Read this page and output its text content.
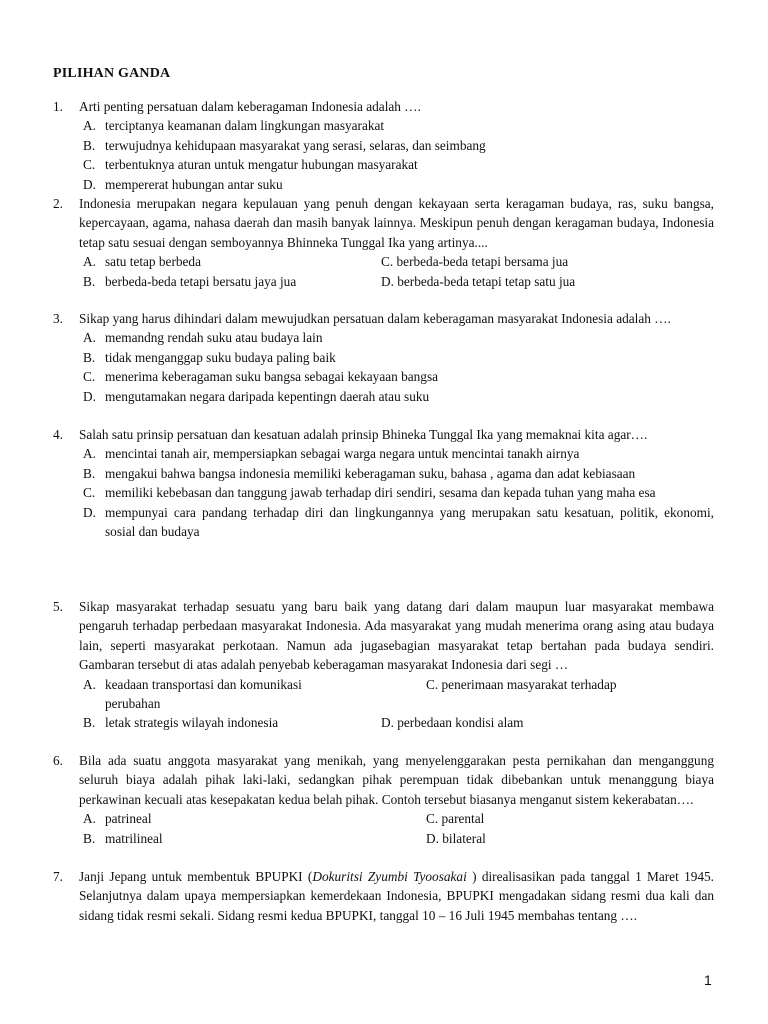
PILIHAN GANDA
1. Arti penting persatuan dalam keberagaman Indonesia adalah ….
A. terciptanya keamanan dalam lingkungan masyarakat
B. terwujudnya kehidupaan masyarakat yang serasi, selaras, dan seimbang
C. terbentuknya aturan untuk mengatur hubungan masyarakat
D. mempererat hubungan antar suku
2. Indonesia merupakan negara kepulauan yang penuh dengan kekayaan serta keragaman budaya, ras, suku bangsa, kepercayaan, agama, nahasa daerah dan masih banyak lainnya. Meskipun penuh dengan keragaman budaya, Indonesia tetap satu sesuai dengan semboyannya Bhinneka Tunggal Ika yang artinya....
A. satu tetap berbeda	C. berbeda-beda tetapi bersama jua
B. berbeda-beda tetapi bersatu jaya jua	D. berbeda-beda tetapi tetap satu jua
3. Sikap yang harus dihindari dalam mewujudkan persatuan dalam keberagaman masyarakat Indonesia adalah ….
A. memandng rendah suku atau budaya lain
B. tidak menganggap suku budaya paling baik
C. menerima keberagaman suku bangsa sebagai kekayaan bangsa
D. mengutamakan negara daripada kepentingn daerah atau suku
4. Salah satu prinsip persatuan dan kesatuan adalah prinsip Bhineka Tunggal Ika yang memaknai kita agar….
A. mencintai tanah air, mempersiapkan sebagai warga negara untuk mencintai tanakh airnya
B. mengakui bahwa bangsa indonesia memiliki keberagaman suku, bahasa , agama dan adat kebiasaan
C. memiliki kebebasan dan tanggung jawab terhadap diri sendiri, sesama dan kepada tuhan yang maha esa
D. mempunyai cara pandang terhadap diri dan lingkungannya yang merupakan satu kesatuan, politik, ekonomi, sosial dan budaya
5. Sikap masyarakat terhadap sesuatu yang baru baik yang datang dari dalam maupun luar masyarakat membawa pengaruh terhadap perbedaan masyarakat Indonesia. Ada masyarakat yang mudah menerima orang asing atau budaya lain, seperti masyarakat perkotaan. Namun ada jugasebagian masyarakat tetap bertahan pada budaya sendiri. Gambaran tersebut di atas adalah penyebab keberagaman masyarakat Indonesia dari segi …
A. keadaan transportasi dan komunikasi	C. penerimaan masyarakat terhadap
perubahan
B. letak strategis wilayah indonesia	D. perbedaan kondisi alam
6. Bila ada suatu anggota masyarakat yang menikah, yang menyelenggarakan pesta pernikahan dan menganggung seluruh biaya adalah pihak laki-laki, sedangkan pihak perempuan tidak dibebankan untuk menanggung biaya perkawinan kecuali atas kesepakatan kedua belah pihak. Contoh tersebut biasanya menganut sistem kekerabatan….
A. patrineal	C. parental
B. matrilineal	D. bilateral
7. Janji Jepang untuk membentuk BPUPKI (Dokuritsi Zyumbi Tyoosakai ) direalisasikan pada tanggal 1 Maret 1945. Selanjutnya dalam upaya mempersiapkan kemerdekaan Indonesia, BPUPKI mengadakan sidang resmi dua kali dan sidang tidak resmi sekali. Sidang resmi kedua BPUPKI, tanggal 10 – 16 Juli 1945 membahas tentang ….
1
